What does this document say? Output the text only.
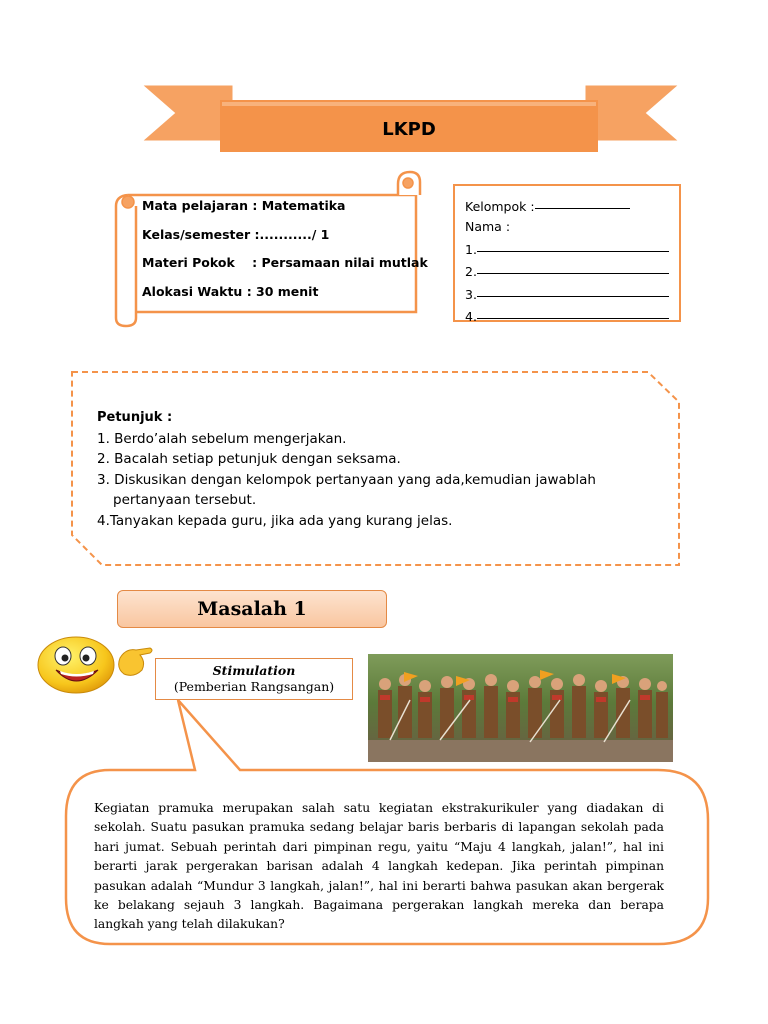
LKPD
Mata pelajaran : Matematika
Kelas/semester :.........../ 1
Materi Pokok    : Persamaan nilai mutlak
Alokasi Waktu : 30 menit
Kelompok :
Nama :
1.
2.
3.
4.
Petunjuk :
1. Berdo’alah sebelum mengerjakan.
2. Bacalah setiap petunjuk dengan seksama.
3. Diskusikan dengan kelompok pertanyaan yang ada,kemudian jawablah
pertanyaan tersebut.
4.Tanyakan kepada guru, jika ada yang kurang jelas.
Masalah 1
Stimulation
(Pemberian Rangsangan)
Kegiatan pramuka merupakan salah satu kegiatan ekstrakurikuler yang diadakan di sekolah. Suatu pasukan pramuka sedang belajar baris berbaris di lapangan sekolah pada hari jumat. Sebuah perintah dari pimpinan regu, yaitu “Maju 4 langkah, jalan!”, hal ini berarti jarak pergerakan barisan adalah 4 langkah kedepan. Jika perintah pimpinan pasukan adalah “Mundur 3 langkah, jalan!”, hal ini berarti bahwa pasukan akan bergerak ke belakang sejauh 3 langkah. Bagaimana pergerakan langkah mereka dan berapa langkah yang telah dilakukan?
